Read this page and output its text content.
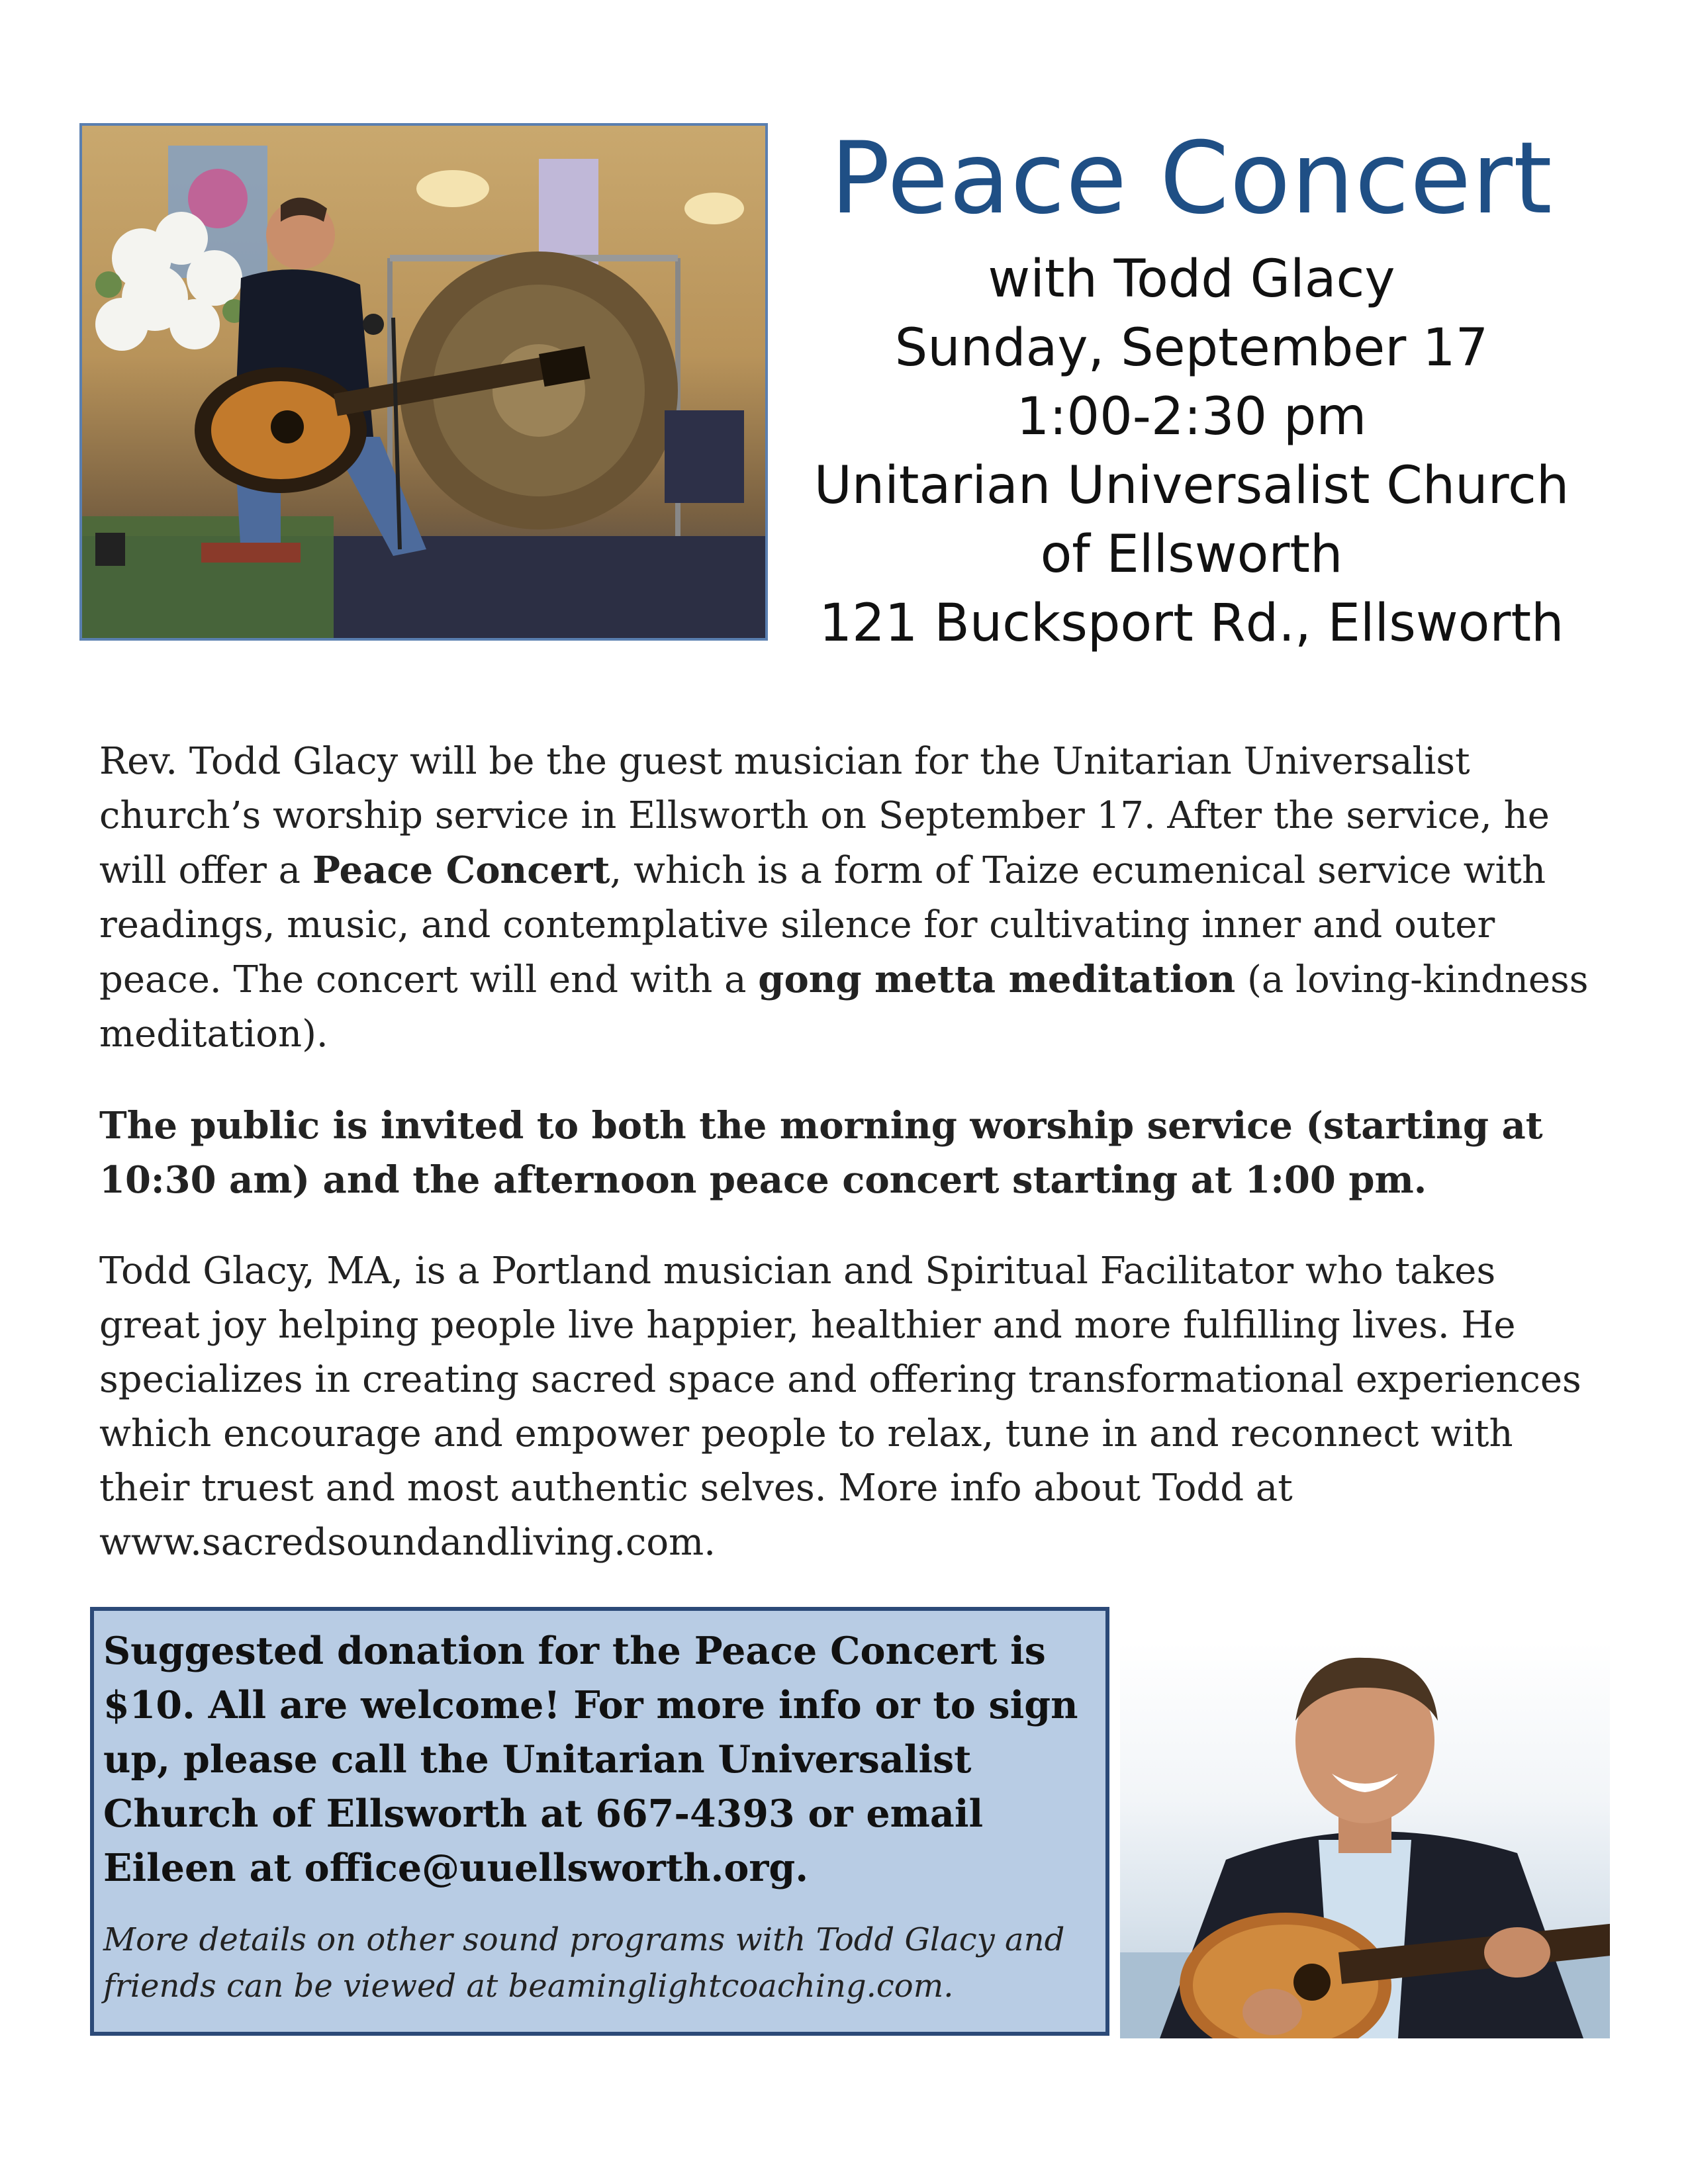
Peace Concert

with Todd Glacy

Sunday, September 17

1:00-2:30 pm

Unitarian Universalist Church

of Ellsworth

121 Bucksport Rd., Ellsworth

Rev. Todd Glacy will be the guest musician for the Unitarian Universalist church’s worship service in Ellsworth on September 17. After the service, he will offer a Peace Concert, which is a form of Taize ecumenical service with readings, music, and contemplative silence for cultivating inner and outer peace. The concert will end with a gong metta meditation (a loving-kindness meditation).

The public is invited to both the morning worship service (starting at 10:30 am) and the afternoon peace concert starting at 1:00 pm.

Todd Glacy, MA, is a Portland musician and Spiritual Facilitator who takes great joy helping people live happier, healthier and more fulfilling lives. He specializes in creating sacred space and offering transformational experiences which encourage and empower people to relax, tune in and reconnect with their truest and most authentic selves. More info about Todd at www.sacredsoundandliving.com.

Suggested donation for the Peace Concert is $10. All are welcome! For more info or to sign up, please call the Unitarian Universalist Church of Ellsworth at 667-4393 or email Eileen at office@uuellsworth.org.

More details on other sound programs with Todd Glacy and friends can be viewed at beaminglightcoaching.com.
